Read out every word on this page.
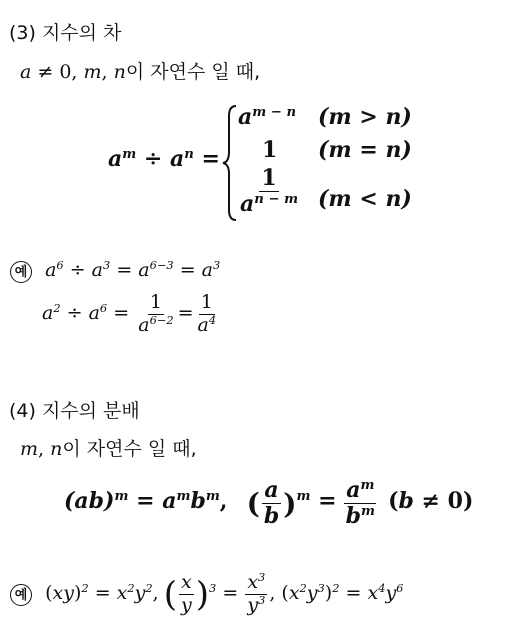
(3) 지수의 차
a ≠ 0, m, n이 자연수 일 때,
$a^m \div a^n$ =
$a^{m - n}$ (m > n)
1 (m = n)
$\frac{1}{a^{n - m}} (m < n)$
예 $a^6 \div a^3 = a^{6-3} = a^3$
$a^2 \div a^6 = \frac{1}{a^{6-2}} = \frac{1}{a^4}$
(4) 지수의 분배
m, n이 자연수 일 때,
$(ab)^m = a^mb^m$, ( $\frac{a}{b} )^m = \frac{a^m}{b^m} (b \ne 0)$
예 $(xy)^2 = x^2y^2$, ( $\frac{x}{y} )^3 = \frac{x^3}{y^3}$ , $(x^2y^3)^2 = x^4y^6$
